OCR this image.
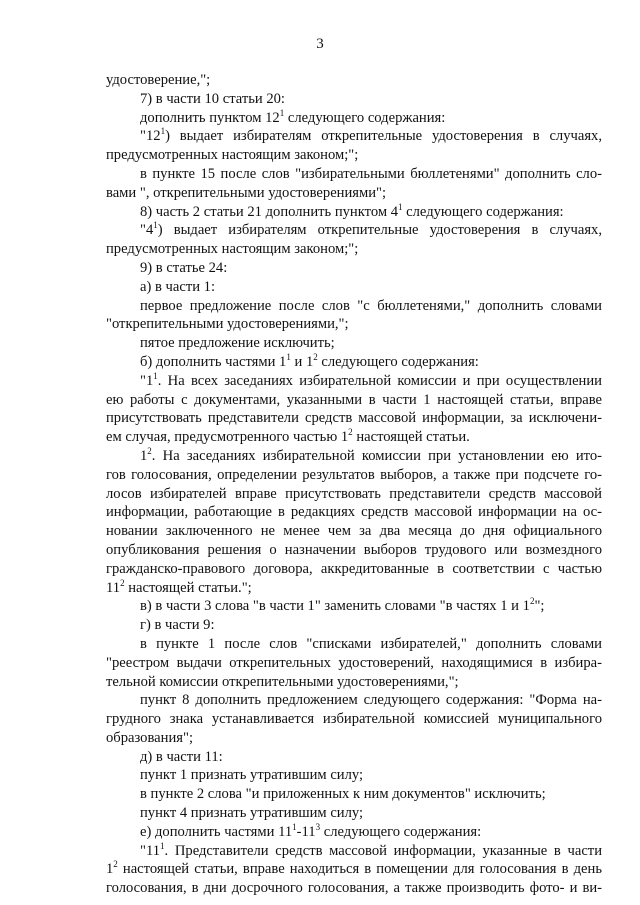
3
удостоверение,";
7) в части 10 статьи 20:
дополнить пунктом $12^1$ следующего содержания:
"$12^1$) выдает избирателям открепительные удостоверения в случаях,
предусмотренных настоящим законом;";
в пункте 15 после слов "избирательными бюллетенями" дополнить сло-
вами ", открепительными удостоверениями";
8) часть 2 статьи 21 дополнить пунктом $4^1$ следующего содержания:
"$4^1$) выдает избирателям открепительные удостоверения в случаях,
предусмотренных настоящим законом;";
9) в статье 24:
а) в части 1:
первое предложение после слов "с бюллетенями," дополнить словами
"открепительными удостоверениями,";
пятое предложение исключить;
б) дополнить частями $1^1$ и $1^2$ следующего содержания:
"$1^1$. На всех заседаниях избирательной комиссии и при осуществлении
ею работы с документами, указанными в части 1 настоящей статьи, вправе
присутствовать представители средств массовой информации, за исключени-
ем случая, предусмотренного частью $1^2$ настоящей статьи.
$1^2$. На заседаниях избирательной комиссии при установлении ею ито-
гов голосования, определении результатов выборов, а также при подсчете го-
лосов избирателей вправе присутствовать представители средств массовой
информации, работающие в редакциях средств массовой информации на ос-
новании заключенного не менее чем за два месяца до дня официального
опубликования решения о назначении выборов трудового или возмездного
гражданско-правового договора, аккредитованные в соответствии с частью
$11^2$ настоящей статьи.";
в) в части 3 слова "в части 1" заменить словами "в частях 1 и $1^2$";
г) в части 9:
в пункте 1 после слов "списками избирателей," дополнить словами
"реестром выдачи открепительных удостоверений, находящимися в избира-
тельной комиссии открепительными удостоверениями,";
пункт 8 дополнить предложением следующего содержания: "Форма на-
грудного знака устанавливается избирательной комиссией муниципального
образования";
д) в части 11:
пункт 1 признать утратившим силу;
в пункте 2 слова "и приложенных к ним документов" исключить;
пункт 4 признать утратившим силу;
е) дополнить частями $11^1-11^3$ следующего содержания:
"$11^1$. Представители средств массовой информации, указанные в части
$1^2$ настоящей статьи, вправе находиться в помещении для голосования в день
голосования, в дни досрочного голосования, а также производить фото- и ви-
